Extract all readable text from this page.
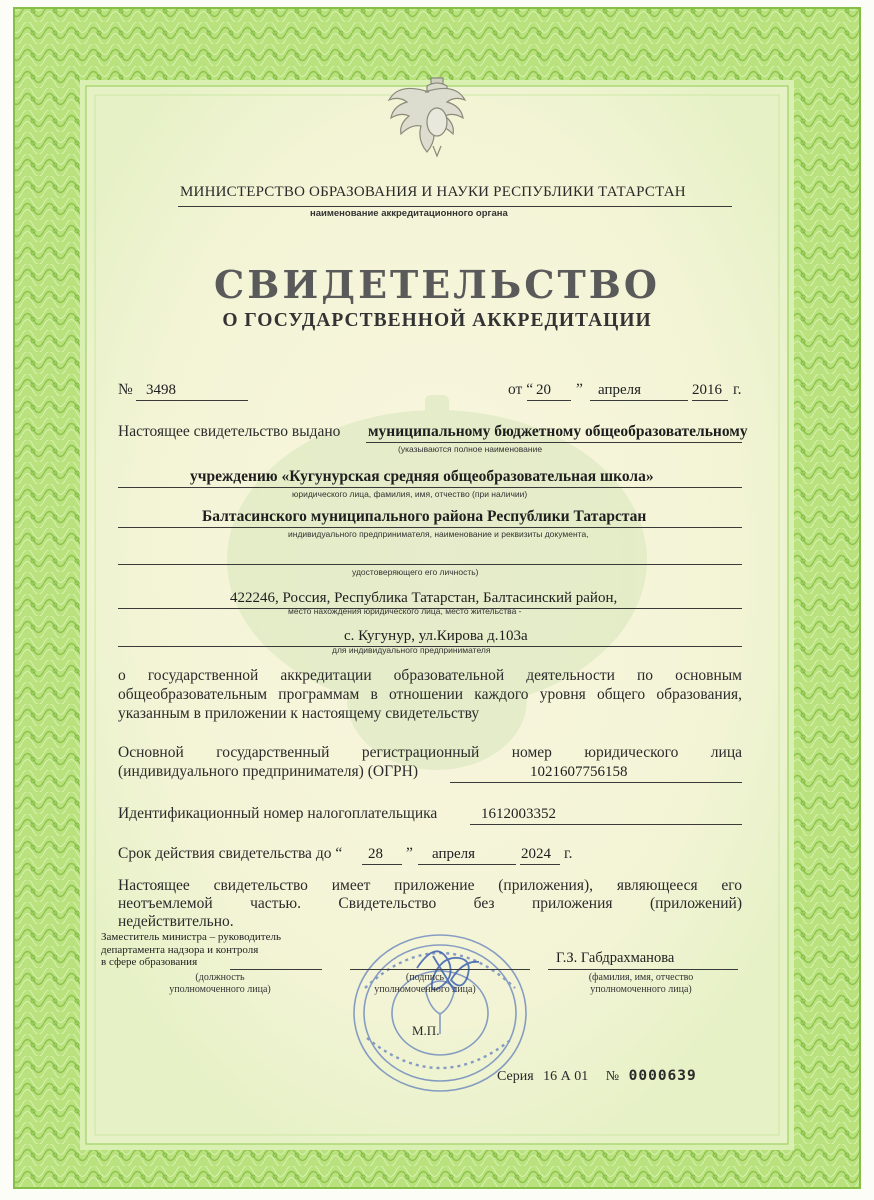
МИНИСТЕРСТВО ОБРАЗОВАНИЯ И НАУКИ РЕСПУБЛИКИ ТАТАРСТАН
наименование аккредитационного органа
СВИДЕТЕЛЬСТВО
О ГОСУДАРСТВЕННОЙ АККРЕДИТАЦИИ
№ 3498	от “ 20 ” апреля	2016 г.
Настоящее свидетельство выдано муниципальному бюджетному общеобразовательному
(указываются полное наименование
учреждению «Кугунурская средняя общеобразовательная школа»
юридического лица, фамилия, имя, отчество (при наличии)
Балтасинского муниципального района Республики Татарстан
индивидуального предпринимателя, наименование и реквизиты документа,
удостоверяющего его личность)
422246, Россия, Республика Татарстан, Балтасинский район,
место нахождения юридического лица, место жительства -
с. Кугунур, ул.Кирова д.103а
для индивидуального предпринимателя
о государственной аккредитации образовательной деятельности по основным
общеобразовательным программам в отношении каждого уровня общего образования,
указанным в приложении к настоящему свидетельству
Основной государственный регистрационный номер юридического лица
(индивидуального предпринимателя) (ОГРН)	1021607756158
Идентификационный номер налогоплательщика	1612003352
Срок действия свидетельства до “ 28 ” апреля	2024 г.
Настоящее свидетельство имеет приложение (приложения), являющееся его
неотъемлемой частью. Свидетельство без приложения (приложений)
недействительно.
Заместитель министра – руководитель
департамента надзора и контроля
в сфере образования
(должность
уполномоченного лица)
(подпись
уполномоченного лица)
Г.З. Габдрахманова
(фамилия, имя, отчество
уполномоченного лица)
М.П.
Серия 16 А 01 № 0000639
